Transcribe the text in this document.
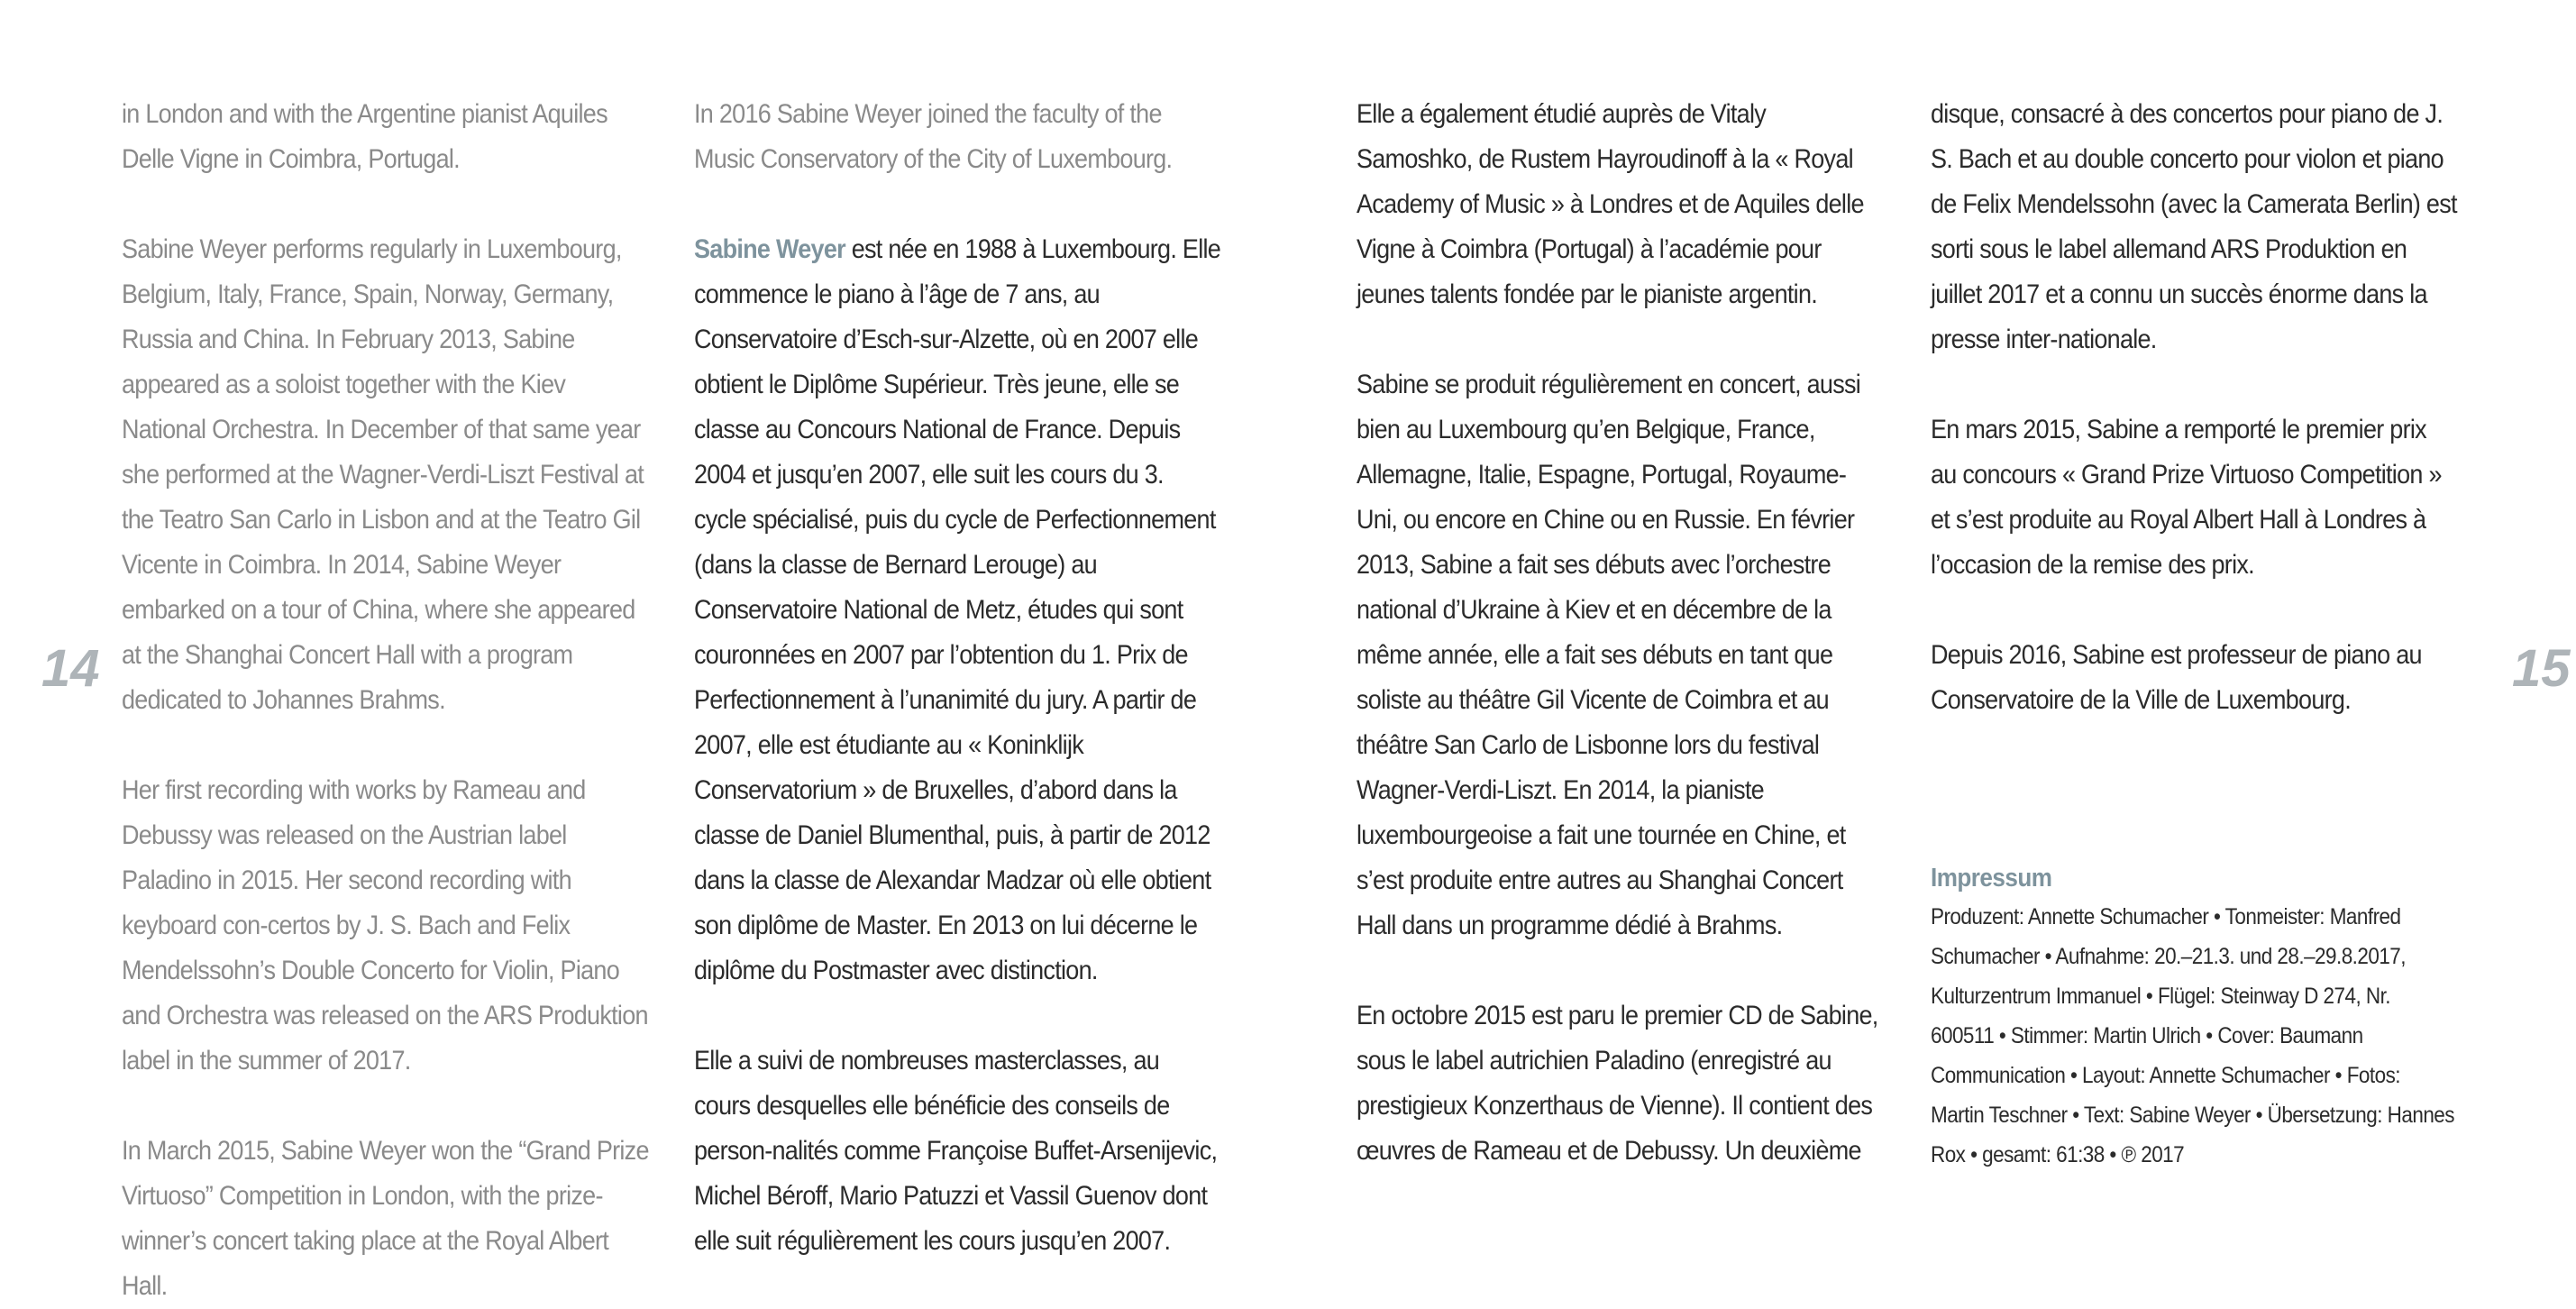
in London and with the Argentine pianist Aquiles Delle Vigne in Coimbra, Portugal.

Sabine Weyer performs regularly in Luxembourg, Belgium, Italy, France, Spain, Norway, Germany, Russia and China. In February 2013, Sabine appeared as a soloist together with the Kiev National Orchestra. In December of that same year she performed at the Wagner-Verdi-Liszt Festival at the Teatro San Carlo in Lisbon and at the Teatro Gil Vicente in Coimbra. In 2014, Sabine Weyer embarked on a tour of China, where she appeared at the Shanghai Concert Hall with a program dedicated to Johannes Brahms.

Her first recording with works by Rameau and Debussy was released on the Austrian label Paladino in 2015. Her second recording with keyboard con-certos by J. S. Bach and Felix Mendelssohn’s Double Concerto for Violin, Piano and Orchestra was released on the ARS Produktion label in the summer of 2017.

In March 2015, Sabine Weyer won the “Grand Prize Virtuoso” Competition in London, with the prize-winner’s concert taking place at the Royal Albert Hall.

In 2016 Sabine Weyer joined the faculty of the Music Conservatory of the City of Luxembourg.

Sabine Weyer est née en 1988 à Luxembourg. Elle commence le piano à l’âge de 7 ans, au Conservatoire d’Esch-sur-Alzette, où en 2007 elle obtient le Diplôme Supérieur. Très jeune, elle se classe au Concours National de France. Depuis 2004 et jusqu’en 2007, elle suit les cours du 3. cycle spécialisé, puis du cycle de Perfectionnement (dans la classe de Bernard Lerouge) au Conservatoire National de Metz, études qui sont couronnées en 2007 par l’obtention du 1. Prix de Perfectionnement à l’unanimité du jury. A partir de 2007, elle est étudiante au « Koninklijk Conservatorium » de Bruxelles, d’abord dans la classe de Daniel Blumenthal, puis, à partir de 2012 dans la classe de Alexandar Madzar où elle obtient son diplôme de Master. En 2013 on lui décerne le diplôme du Postmaster avec distinction.

Elle a suivi de nombreuses masterclasses, au cours desquelles elle bénéficie des conseils de person-nalités comme Françoise Buffet-Arsenijevic, Michel Béroff, Mario Patuzzi et Vassil Guenov dont elle suit régulièrement les cours jusqu’en 2007.

14

Elle a également étudié auprès de Vitaly Samoshko, de Rustem Hayroudinoff à la « Royal Academy of Music » à Londres et de Aquiles delle Vigne à Coimbra (Portugal) à l’académie pour jeunes talents fondée par le pianiste argentin.

Sabine se produit régulièrement en concert, aussi bien au Luxembourg qu’en Belgique, France, Allemagne, Italie, Espagne, Portugal, Royaume-Uni, ou encore en Chine ou en Russie. En février 2013, Sabine a fait ses débuts avec l’orchestre national d’Ukraine à Kiev et en décembre de la même année, elle a fait ses débuts en tant que soliste au théâtre Gil Vicente de Coimbra et au théâtre San Carlo de Lisbonne lors du festival Wagner-Verdi-Liszt. En 2014, la pianiste luxembourgeoise a fait une tournée en Chine, et s’est produite entre autres au Shanghai Concert Hall dans un programme dédié à Brahms.

En octobre 2015 est paru le premier CD de Sabine, sous le label autrichien Paladino (enregistré au prestigieux Konzerthaus de Vienne). Il contient des œuvres de Rameau et de Debussy. Un deuxième

disque, consacré à des concertos pour piano de J. S. Bach et au double concerto pour violon et piano de Felix Mendelssohn (avec la Camerata Berlin) est sorti sous le label allemand ARS Produktion en juillet 2017 et a connu un succès énorme dans la presse inter-nationale.

En mars 2015, Sabine a remporté le premier prix au concours « Grand Prize Virtuoso Competition » et s’est produite au Royal Albert Hall à Londres à l’occasion de la remise des prix.

Depuis 2016, Sabine est professeur de piano au Conservatoire de la Ville de Luxembourg.

Impressum
Produzent: Annette Schumacher • Tonmeister: Manfred Schumacher • Aufnahme: 20.–21.3. und 28.–29.8.2017, Kulturzentrum Immanuel • Flügel: Steinway D 274, Nr. 600511 • Stimmer: Martin Ulrich • Cover: Baumann Communication • Layout: Annette Schumacher • Fotos: Martin Teschner • Text: Sabine Weyer • Übersetzung: Hannes Rox • gesamt: 61:38 • ℗ 2017
15
